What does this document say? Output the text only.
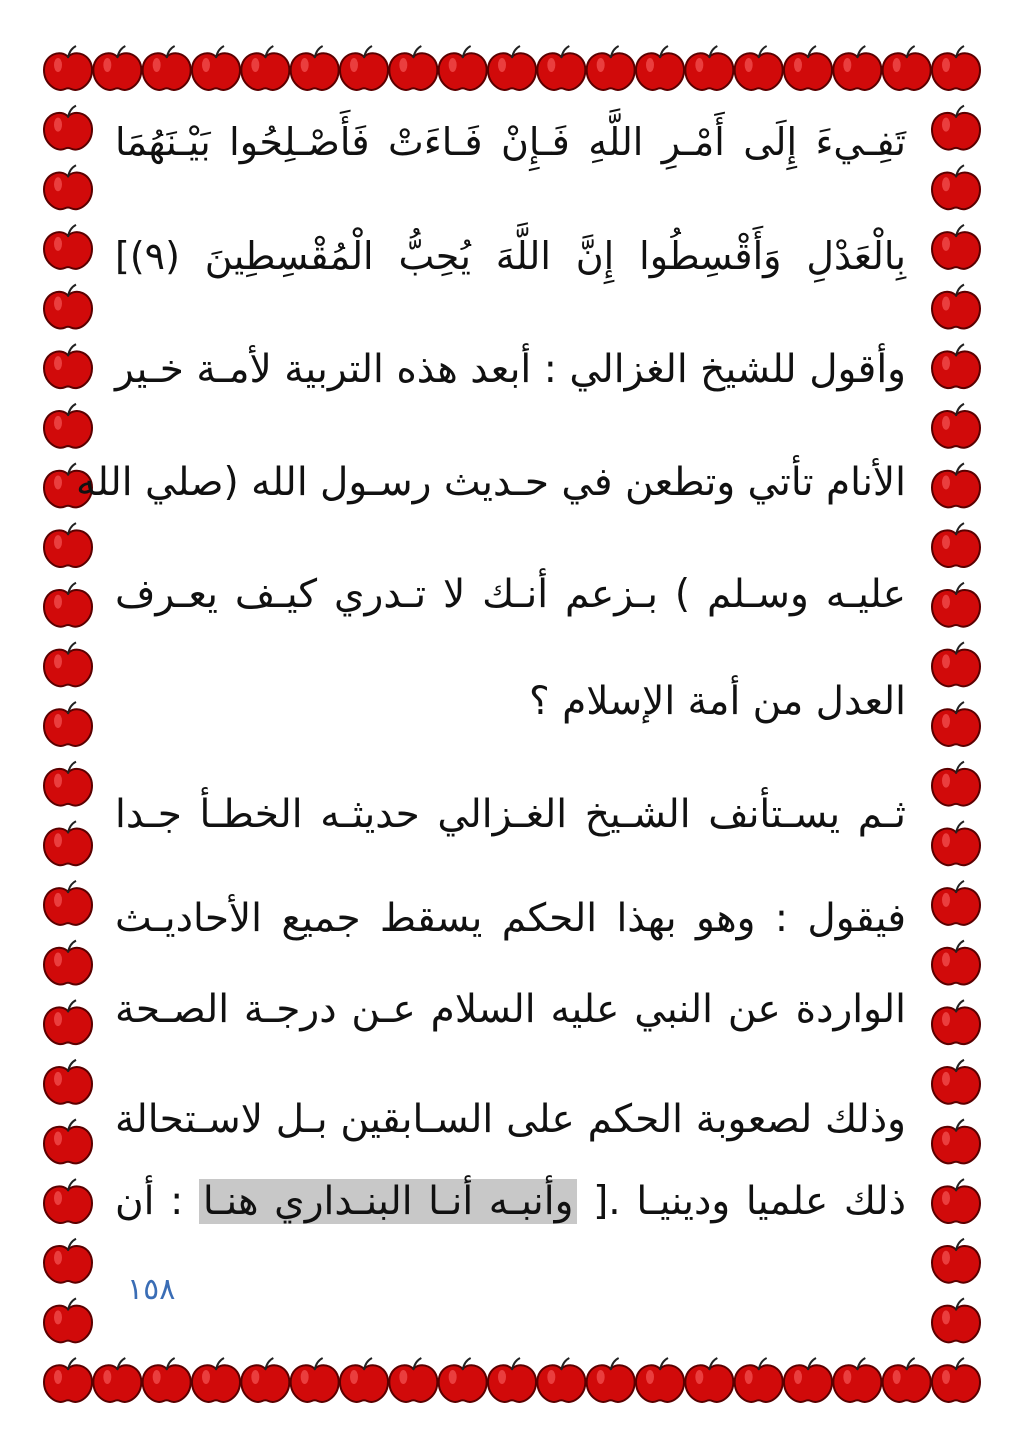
تَفِـيءَ إِلَى أَمْـرِ اللَّهِ فَـإِنْ فَـاءَتْ فَأَصْـلِحُوا بَيْـنَهُمَا
بِالْعَدْلِ وَأَقْسِطُوا إِنَّ اللَّهَ يُحِبُّ الْمُقْسِطِينَ (٩)]
وأقول للشيخ الغزالي : أبعد هذه التربية لأمـة خـير
الأنام تأتي وتطعن في حـديث رسـول الله (صلي الله
عليـه وسـلم ) بـزعم أنـك لا تـدري كيـف يعـرف
العدل من أمة الإسلام ؟
ثـم يسـتأنف الشـيخ الغـزالي حديثـه الخطـأ جـدا
فيقول : وهو بهذا الحكم يسقط جميع الأحاديـث
الواردة عن النبي عليه السلام عـن درجـة الصـحة
وذلك لصعوبة الحكم على السـابقين بـل لاسـتحالة
ذلك علميا ودينيـا .[ وأنبـه أنـا البنـداري هنـا : أن
١٥٨
